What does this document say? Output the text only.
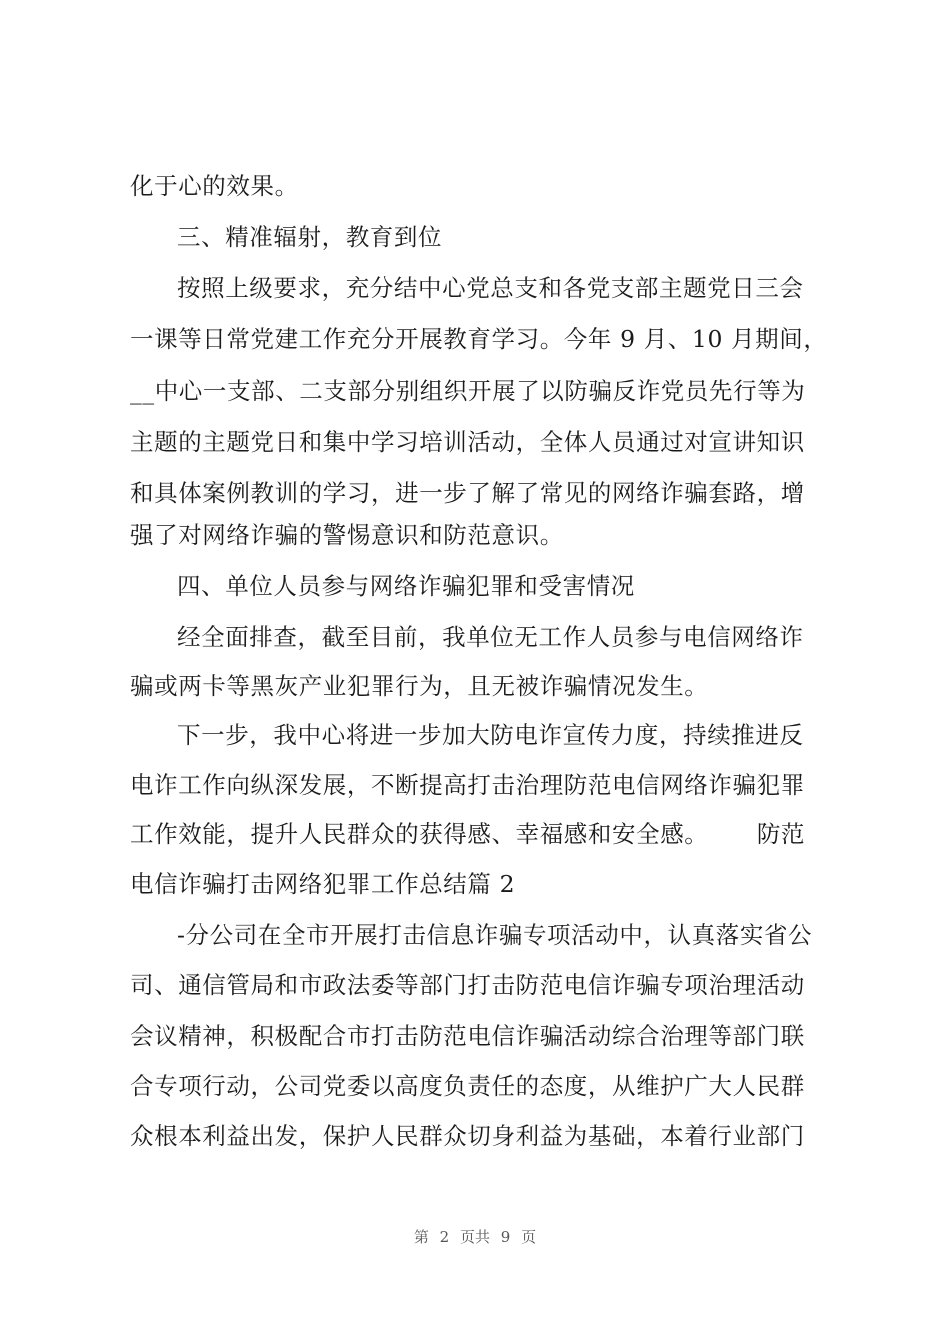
化于心的效果。
三、精准辐射，教育到位
按照上级要求，充分结中心党总支和各党支部主题党日三会
一课等日常党建工作充分开展教育学习。今年 9 月、10 月期间，
__中心一支部、二支部分别组织开展了以防骗反诈党员先行等为
主题的主题党日和集中学习培训活动，全体人员通过对宣讲知识
和具体案例教训的学习，进一步了解了常见的网络诈骗套路，增
强了对网络诈骗的警惕意识和防范意识。
四、单位人员参与网络诈骗犯罪和受害情况
经全面排查，截至目前，我单位无工作人员参与电信网络诈
骗或两卡等黑灰产业犯罪行为，且无被诈骗情况发生。
下一步，我中心将进一步加大防电诈宣传力度，持续推进反
电诈工作向纵深发展，不断提高打击治理防范电信网络诈骗犯罪
工作效能，提升人民群众的获得感、幸福感和安全感。      防范
电信诈骗打击网络犯罪工作总结篇 2
-分公司在全市开展打击信息诈骗专项活动中，认真落实省公
司、通信管局和市政法委等部门打击防范电信诈骗专项治理活动
会议精神，积极配合市打击防范电信诈骗活动综合治理等部门联
合专项行动，公司党委以高度负责任的态度，从维护广大人民群
众根本利益出发，保护人民群众切身利益为基础，本着行业部门
第 2 页共 9 页
